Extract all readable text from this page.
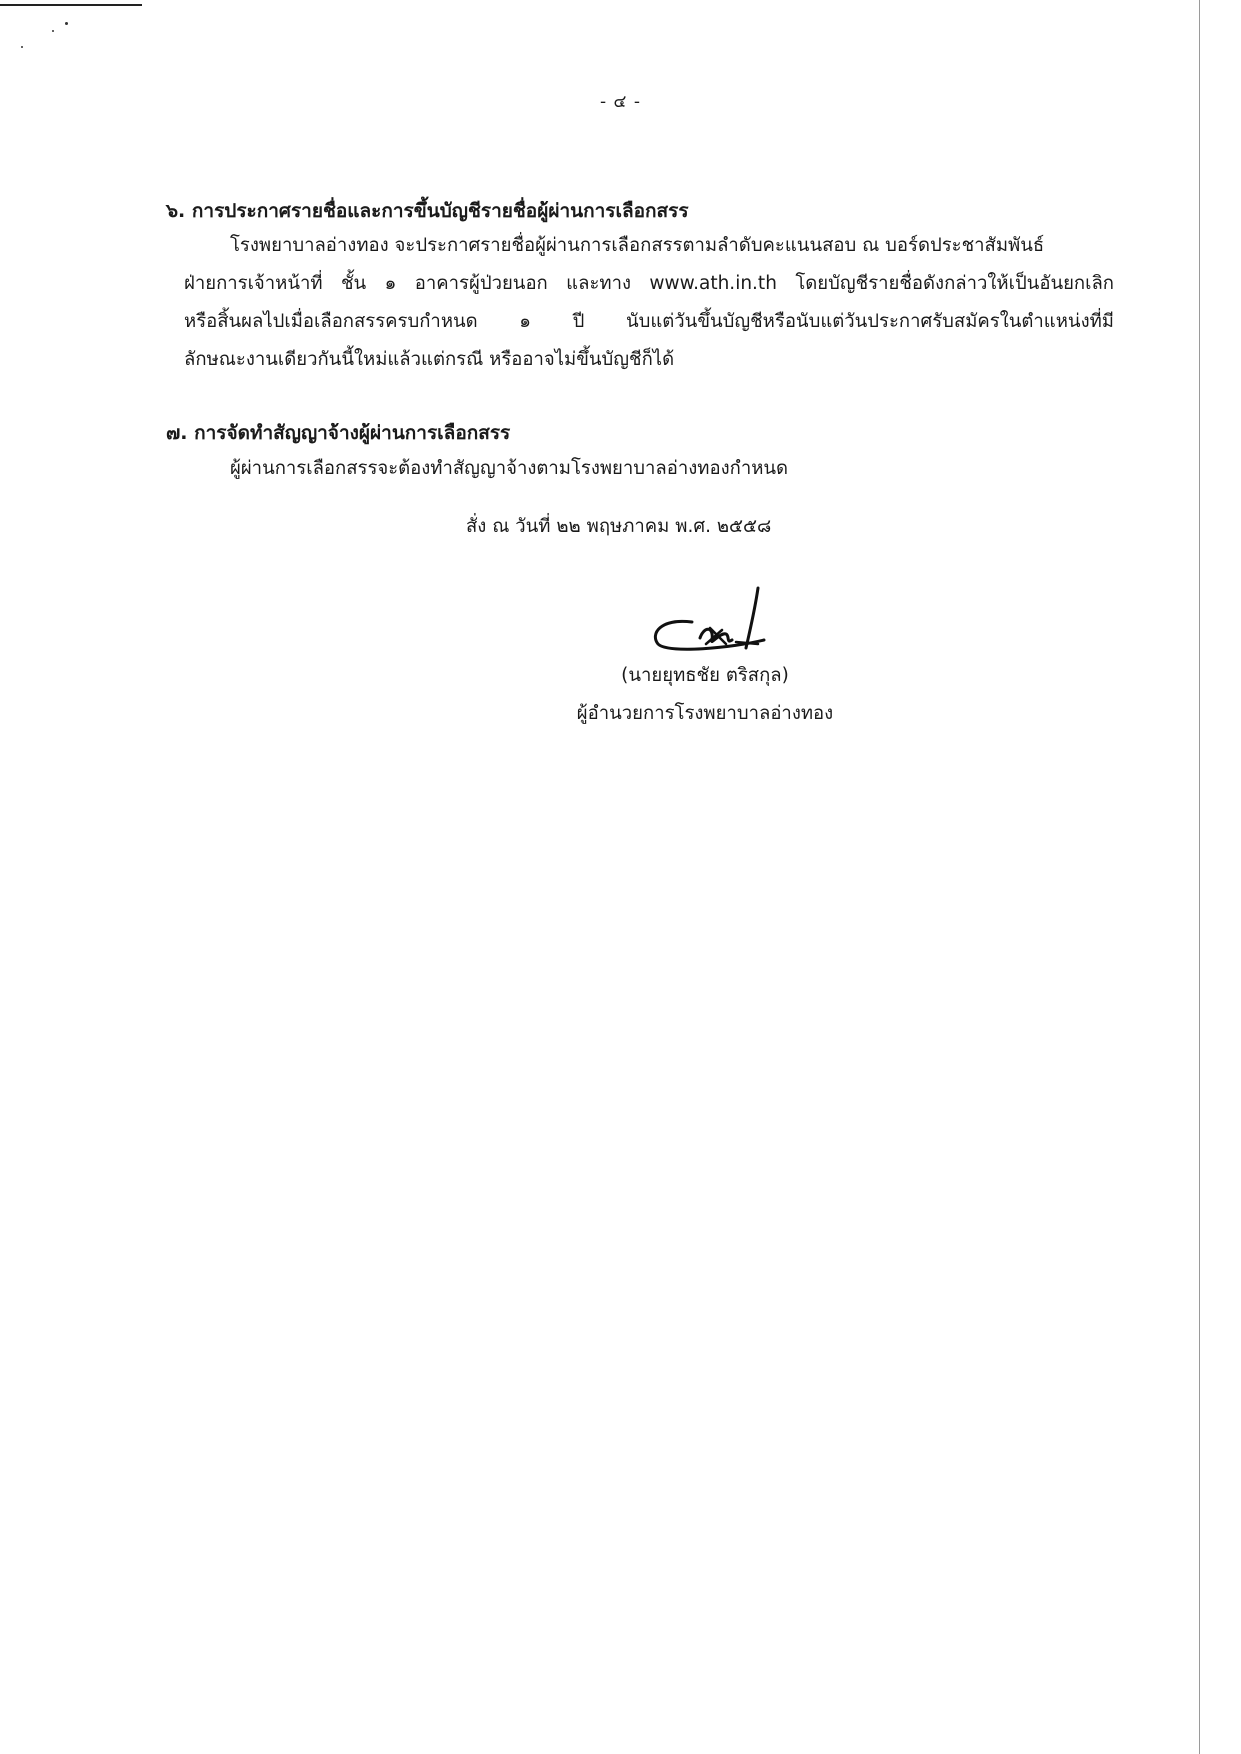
- ๔ -
๖. การประกาศรายชื่อและการขึ้นบัญชีรายชื่อผู้ผ่านการเลือกสรร
โรงพยาบาลอ่างทอง จะประกาศรายชื่อผู้ผ่านการเลือกสรรตามลำดับคะแนนสอบ ณ บอร์ดประชาสัมพันธ์
ฝ่ายการเจ้าหน้าที่ ชั้น ๑ อาคารผู้ป่วยนอก และทาง www.ath.in.th โดยบัญชีรายชื่อดังกล่าวให้เป็นอันยกเลิก
หรือสิ้นผลไปเมื่อเลือกสรรครบกำหนด ๑ ปี นับแต่วันขึ้นบัญชีหรือนับแต่วันประกาศรับสมัครในตำแหน่งที่มี
ลักษณะงานเดียวกันนี้ใหม่แล้วแต่กรณี หรืออาจไม่ขึ้นบัญชีก็ได้
๗. การจัดทำสัญญาจ้างผู้ผ่านการเลือกสรร
ผู้ผ่านการเลือกสรรจะต้องทำสัญญาจ้างตามโรงพยาบาลอ่างทองกำหนด
สั่ง ณ วันที่ ๒๒ พฤษภาคม พ.ศ. ๒๕๕๘
(นายยุทธชัย ตริสกุล)
ผู้อำนวยการโรงพยาบาลอ่างทอง
